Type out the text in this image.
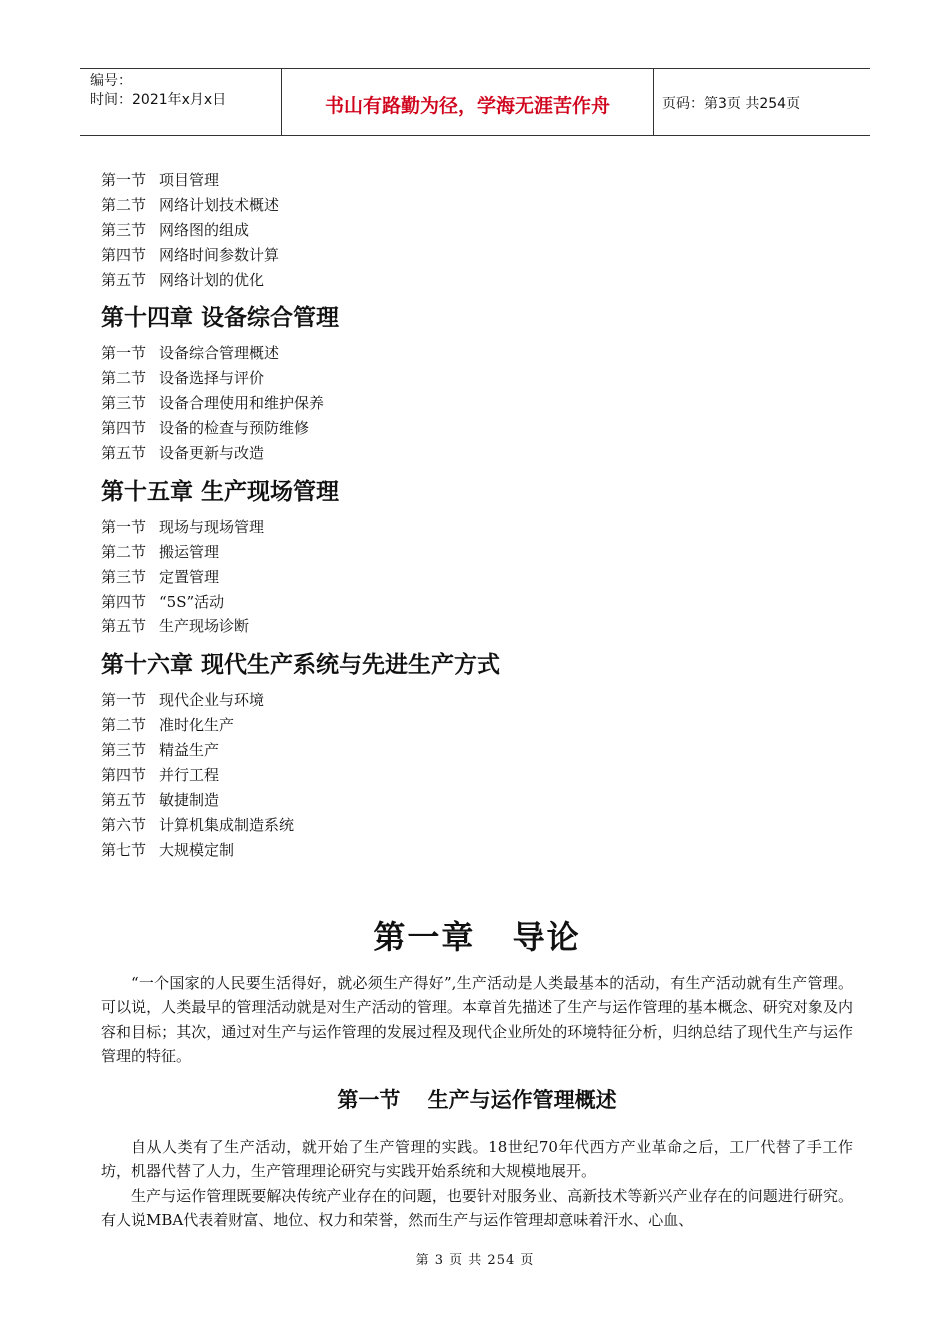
编号：
时间：2021年x月x日	书山有路勤为径，学海无涯苦作舟	页码：第3页 共254页
第一节 项目管理
第二节 网络计划技术概述
第三节 网络图的组成
第四节 网络时间参数计算
第五节 网络计划的优化
第十四章 设备综合管理
第一节 设备综合管理概述
第二节 设备选择与评价
第三节 设备合理使用和维护保养
第四节 设备的检查与预防维修
第五节 设备更新与改造
第十五章 生产现场管理
第一节 现场与现场管理
第二节 搬运管理
第三节 定置管理
第四节 “5S”活动
第五节 生产现场诊断
第十六章 现代生产系统与先进生产方式
第一节 现代企业与环境
第二节 准时化生产
第三节 精益生产
第四节 并行工程
第五节 敏捷制造
第六节 计算机集成制造系统
第七节 大规模定制
第一章 导论

“一个国家的人民要生活得好，就必须生产得好”,生产活动是人类最基本的活动，有生产活动就有生产管理。可以说，人类最早的管理活动就是对生产活动的管理。本章首先描述了生产与运作管理的基本概念、研究对象及内容和目标；其次，通过对生产与运作管理的发展过程及现代企业所处的环境特征分析，归纳总结了现代生产与运作管理的特征。

第一节 生产与运作管理概述

自从人类有了生产活动，就开始了生产管理的实践。18世纪70年代西方产业革命之后，工厂代替了手工作坊，机器代替了人力，生产管理理论研究与实践开始系统和大规模地展开。

生产与运作管理既要解决传统产业存在的问题，也要针对服务业、高新技术等新兴产业存在的问题进行研究。有人说MBA代表着财富、地位、权力和荣誉，然而生产与运作管理却意味着汗水、心血、

第 3 页 共 254 页
